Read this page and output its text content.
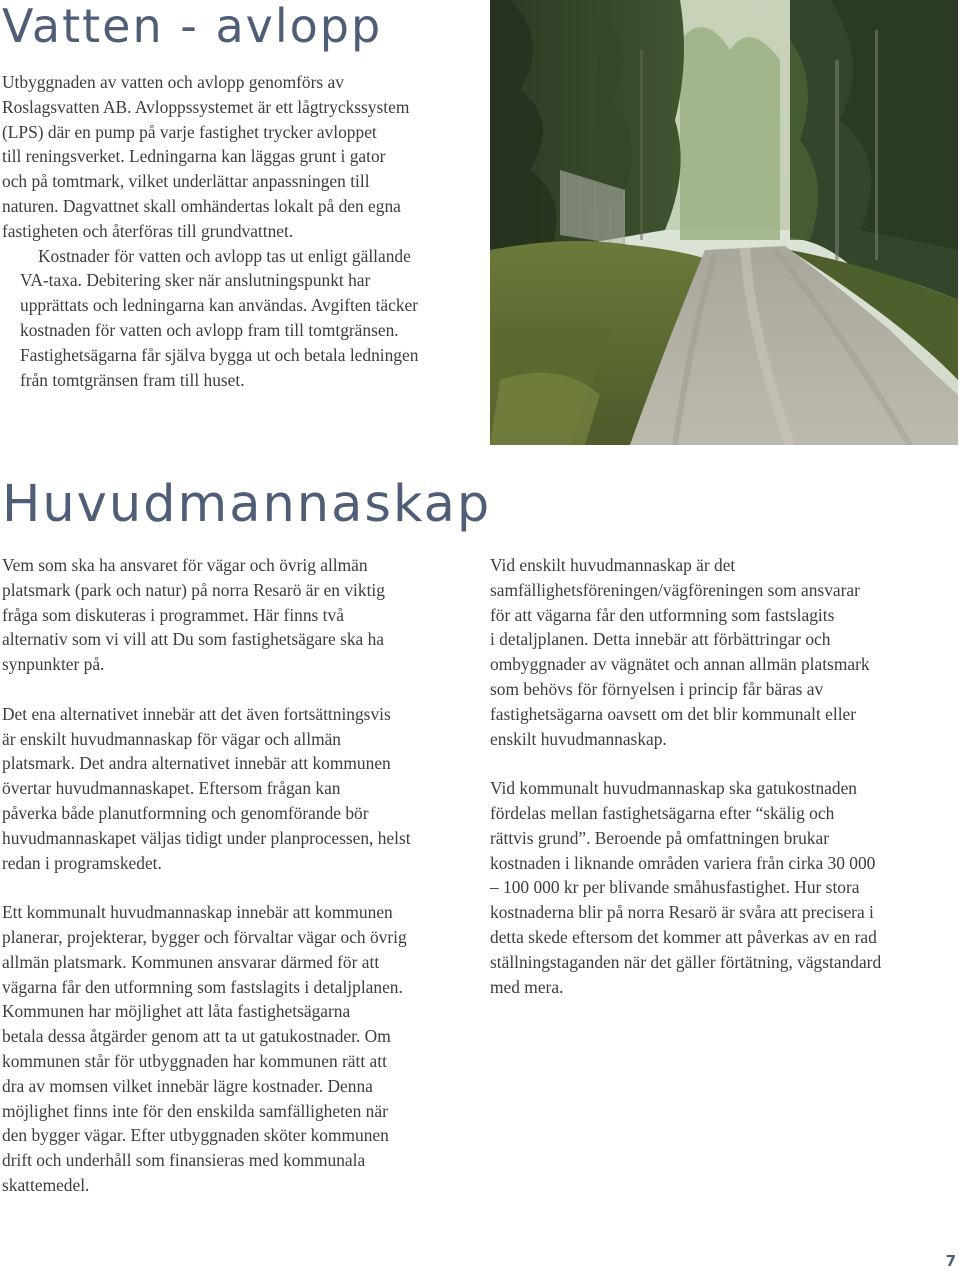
Vatten - avlopp

Utbyggnaden av vatten och avlopp genomförs av
Roslagsvatten AB. Avloppssystemet är ett lågtryckssystem
(LPS) där en pump på varje fastighet trycker avloppet
till reningsverket. Ledningarna kan läggas grunt i gator
och på tomtmark, vilket underlättar anpassningen till
naturen. Dagvattnet skall omhändertas lokalt på den egna
fastigheten och återföras till grundvattnet.

Kostnader för vatten och avlopp tas ut enligt gällande
VA-taxa. Debitering sker när anslutningspunkt har
upprättats och ledningarna kan användas. Avgiften täcker
kostnaden för vatten och avlopp fram till tomtgränsen.
Fastighetsägarna får själva bygga ut och betala ledningen
från tomtgränsen fram till huset.

Huvudmannaskap

Vem som ska ha ansvaret för vägar och övrig allmän
platsmark (park och natur) på norra Resarö är en viktig
fråga som diskuteras i programmet. Här finns två
alternativ som vi vill att Du som fastighetsägare ska ha
synpunkter på.

Det ena alternativet innebär att det även fortsättningsvis
är enskilt huvudmannaskap för vägar och allmän
platsmark. Det andra alternativet innebär att kommunen
övertar huvudmannaskapet. Eftersom frågan kan
påverka både planutformning och genomförande bör
huvudmannaskapet väljas tidigt under planprocessen, helst
redan i programskedet.

Ett kommunalt huvudmannaskap innebär att kommunen
planerar, projekterar, bygger och förvaltar vägar och övrig
allmän platsmark. Kommunen ansvarar därmed för att
vägarna får den utformning som fastslagits i detaljplanen.
Kommunen har möjlighet att låta fastighetsägarna
betala dessa åtgärder genom att ta ut gatukostnader. Om
kommunen står för utbyggnaden har kommunen rätt att
dra av momsen vilket innebär lägre kostnader. Denna
möjlighet finns inte för den enskilda samfälligheten när
den bygger vägar. Efter utbyggnaden sköter kommunen
drift och underhåll som finansieras med kommunala
skattemedel.

Vid enskilt huvudmannaskap är det
samfällighetsföreningen/vägföreningen som ansvarar
för att vägarna får den utformning som fastslagits
i detaljplanen. Detta innebär att förbättringar och
ombyggnader av vägnätet och annan allmän platsmark
som behövs för förnyelsen i princip får bäras av
fastighetsägarna oavsett om det blir kommunalt eller
enskilt huvudmannaskap.

Vid kommunalt huvudmannaskap ska gatukostnaden
fördelas mellan fastighetsägarna efter “skälig och
rättvis grund”. Beroende på omfattningen brukar
kostnaden i liknande områden variera från cirka 30 000
– 100 000 kr per blivande småhusfastighet. Hur stora
kostnaderna blir på norra Resarö är svåra att precisera i
detta skede eftersom det kommer att påverkas av en rad
ställningstaganden när det gäller förtätning, vägstandard
med mera.

7
